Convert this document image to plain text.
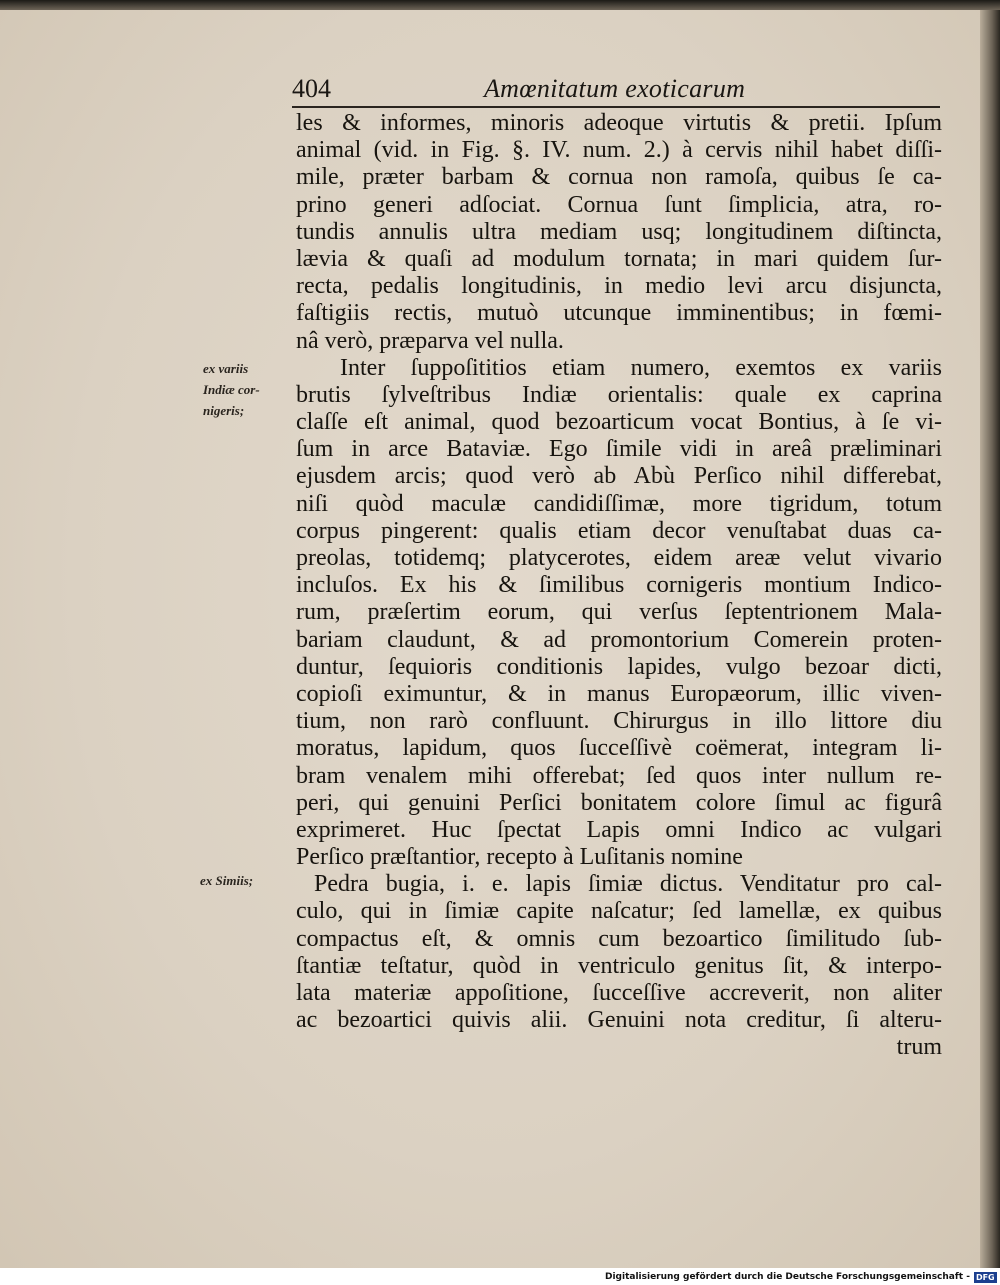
404	Amœnitatum exoticarum
ex variis
Indiæ cor-
nigeris;
ex Simiis;
les & informes, minoris adeoque virtutis & pretii. Ipſum
animal (vid. in Fig. §. IV. num. 2.) à cervis nihil habet diſſi-
mile, præter barbam & cornua non ramoſa, quibus ſe ca-
prino generi adſociat. Cornua ſunt ſimplicia, atra, ro-
tundis annulis ultra mediam usq; longitudinem diſtincta,
lævia & quaſi ad modulum tornata; in mari quidem ſur-
recta, pedalis longitudinis, in medio levi arcu disjuncta,
faſtigiis rectis, mutuò utcunque imminentibus; in fœmi-
nâ verò, præparva vel nulla.
Inter ſuppoſititios etiam numero, exemtos ex variis
brutis ſylveſtribus Indiæ orientalis: quale ex caprina
claſſe eſt animal, quod bezoarticum vocat Bontius, à ſe vi-
ſum in arce Bataviæ. Ego ſimile vidi in areâ præliminari
ejusdem arcis; quod verò ab Abù Perſico nihil differebat,
niſi quòd maculæ candidiſſimæ, more tigridum, totum
corpus pingerent: qualis etiam decor venuſtabat duas ca-
preolas, totidemq; platycerotes, eidem areæ velut vivario
incluſos. Ex his & ſimilibus cornigeris montium Indico-
rum, præſertim eorum, qui verſus ſeptentrionem Mala-
bariam claudunt, & ad promontorium Comerein proten-
duntur, ſequioris conditionis lapides, vulgo bezoar dicti,
copioſi eximuntur, & in manus Europæorum, illic viven-
tium, non rarò confluunt. Chirurgus in illo littore diu
moratus, lapidum, quos ſucceſſivè coëmerat, integram li-
bram venalem mihi offerebat; ſed quos inter nullum re-
peri, qui genuini Perſici bonitatem colore ſimul ac figurâ
exprimeret. Huc ſpectat Lapis omni Indico ac vulgari
Perſico præſtantior, recepto à Luſitanis nomine
Pedra bugia, i. e. lapis ſimiæ dictus. Venditatur pro cal-
culo, qui in ſimiæ capite naſcatur; ſed lamellæ, ex quibus
compactus eſt, & omnis cum bezoartico ſimilitudo ſub-
ſtantiæ teſtatur, quòd in ventriculo genitus ſit, & interpo-
lata materiæ appoſitione, ſucceſſive accreverit, non aliter
ac bezoartici quivis alii. Genuini nota creditur, ſi alteru-
trum
Digitalisierung gefördert durch die Deutsche Forschungsgemeinschaft - DFG
